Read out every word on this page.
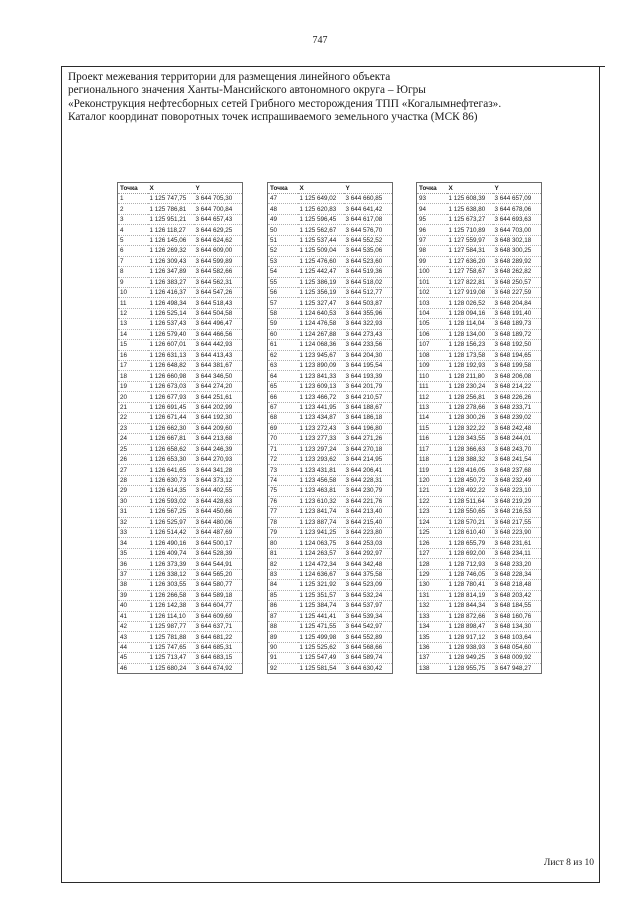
747
Проект межевания территории для размещения линейного объекта
регионального значения Ханты-Мансийского автономного округа – Югры
«Реконструкция нефтесборных сетей Грибного месторождения ТПП «Когалымнефтегаз».
Каталог координат поворотных точек испрашиваемого земельного участка (МСК 86)
Точка	X	Y
1	1 125 747,75	3 644 705,30
2	1 125 786,81	3 644 700,84
3	1 125 951,21	3 644 657,43
4	1 126 118,27	3 644 629,25
5	1 126 145,06	3 644 624,62
6	1 126 269,32	3 644 609,00
7	1 126 309,43	3 644 599,89
8	1 126 347,89	3 644 582,66
9	1 126 383,27	3 644 562,31
10	1 126 416,37	3 644 547,26
11	1 126 498,34	3 644 518,43
12	1 126 525,14	3 644 504,58
13	1 126 537,43	3 644 496,47
14	1 126 579,40	3 644 466,56
15	1 126 607,01	3 644 442,93
16	1 126 631,13	3 644 413,43
17	1 126 648,82	3 644 381,67
18	1 126 660,98	3 644 346,50
19	1 126 673,03	3 644 274,20
20	1 126 677,93	3 644 251,61
21	1 126 691,45	3 644 202,99
22	1 126 671,44	3 644 192,30
23	1 126 662,30	3 644 209,60
24	1 126 667,81	3 644 213,68
25	1 126 658,62	3 644 246,39
26	1 126 653,30	3 644 270,93
27	1 126 641,65	3 644 341,28
28	1 126 630,73	3 644 373,12
29	1 126 614,35	3 644 402,55
30	1 126 593,02	3 644 428,63
31	1 126 567,25	3 644 450,66
32	1 126 525,97	3 644 480,06
33	1 126 514,42	3 644 487,69
34	1 126 490,16	3 644 500,17
35	1 126 409,74	3 644 528,39
36	1 126 373,39	3 644 544,91
37	1 126 338,12	3 644 565,20
38	1 126 303,55	3 644 580,77
39	1 126 266,58	3 644 589,18
40	1 126 142,38	3 644 604,77
41	1 126 114,10	3 644 609,69
42	1 125 987,77	3 644 637,71
43	1 125 781,88	3 644 681,22
44	1 125 747,65	3 644 685,31
45	1 125 713,47	3 644 683,15
46	1 125 680,24	3 644 674,92
Точка	X	Y
47	1 125 649,02	3 644 660,85
48	1 125 620,83	3 644 641,42
49	1 125 596,45	3 644 617,08
50	1 125 562,67	3 644 576,70
51	1 125 537,44	3 644 552,52
52	1 125 509,04	3 644 535,06
53	1 125 476,60	3 644 523,60
54	1 125 442,47	3 644 519,36
55	1 125 386,19	3 644 518,02
56	1 125 356,19	3 644 512,77
57	1 125 327,47	3 644 503,87
58	1 124 640,53	3 644 355,96
59	1 124 476,58	3 644 322,93
60	1 124 267,88	3 644 273,43
61	1 124 068,36	3 644 233,56
62	1 123 945,67	3 644 204,30
63	1 123 890,09	3 644 195,54
64	1 123 841,33	3 644 193,39
65	1 123 609,13	3 644 201,79
66	1 123 466,72	3 644 210,57
67	1 123 441,95	3 644 188,67
68	1 123 434,87	3 644 186,18
69	1 123 272,43	3 644 196,80
70	1 123 277,33	3 644 271,26
71	1 123 297,24	3 644 270,18
72	1 123 293,62	3 644 214,95
73	1 123 431,81	3 644 206,41
74	1 123 456,58	3 644 228,31
75	1 123 463,81	3 644 230,79
76	1 123 610,32	3 644 221,76
77	1 123 841,74	3 644 213,40
78	1 123 887,74	3 644 215,40
79	1 123 941,25	3 644 223,80
80	1 124 063,75	3 644 253,03
81	1 124 263,57	3 644 292,97
82	1 124 472,34	3 644 342,48
83	1 124 636,67	3 644 375,58
84	1 125 321,92	3 644 523,09
85	1 125 351,57	3 644 532,24
86	1 125 384,74	3 644 537,97
87	1 125 441,41	3 644 539,34
88	1 125 471,55	3 644 542,97
89	1 125 499,98	3 644 552,89
90	1 125 525,62	3 644 568,66
91	1 125 547,49	3 644 589,74
92	1 125 581,54	3 644 630,42
Точка	X	Y
93	1 125 608,39	3 644 657,09
94	1 125 638,80	3 644 678,06
95	1 125 673,27	3 644 693,63
96	1 125 710,89	3 644 703,00
97	1 127 559,97	3 648 302,18
98	1 127 584,31	3 648 300,25
99	1 127 636,20	3 648 289,92
100	1 127 758,67	3 648 262,82
101	1 127 822,81	3 648 250,57
102	1 127 919,08	3 648 227,59
103	1 128 026,52	3 648 204,84
104	1 128 094,16	3 648 191,40
105	1 128 114,04	3 648 189,73
106	1 128 134,00	3 648 189,72
107	1 128 156,23	3 648 192,50
108	1 128 173,58	3 648 194,65
109	1 128 192,93	3 648 199,58
110	1 128 211,80	3 648 206,08
111	1 128 230,24	3 648 214,22
112	1 128 256,81	3 648 226,26
113	1 128 278,66	3 648 233,71
114	1 128 300,26	3 648 239,02
115	1 128 322,22	3 648 242,48
116	1 128 343,55	3 648 244,01
117	1 128 366,63	3 648 243,70
118	1 128 388,32	3 648 241,54
119	1 128 416,05	3 648 237,68
120	1 128 450,72	3 648 232,49
121	1 128 492,22	3 648 223,10
122	1 128 511,64	3 648 219,29
123	1 128 550,65	3 648 216,53
124	1 128 570,21	3 648 217,55
125	1 128 610,40	3 648 223,90
126	1 128 655,79	3 648 231,61
127	1 128 692,00	3 648 234,11
128	1 128 712,93	3 648 233,20
129	1 128 746,05	3 648 228,34
130	1 128 780,41	3 648 218,48
131	1 128 814,19	3 648 203,42
132	1 128 844,34	3 648 184,55
133	1 128 872,66	3 648 160,76
134	1 128 898,47	3 648 134,30
135	1 128 917,12	3 648 103,64
136	1 128 938,93	3 648 054,60
137	1 128 949,25	3 648 009,92
138	1 128 955,75	3 647 948,27
Лист 8 из 10
